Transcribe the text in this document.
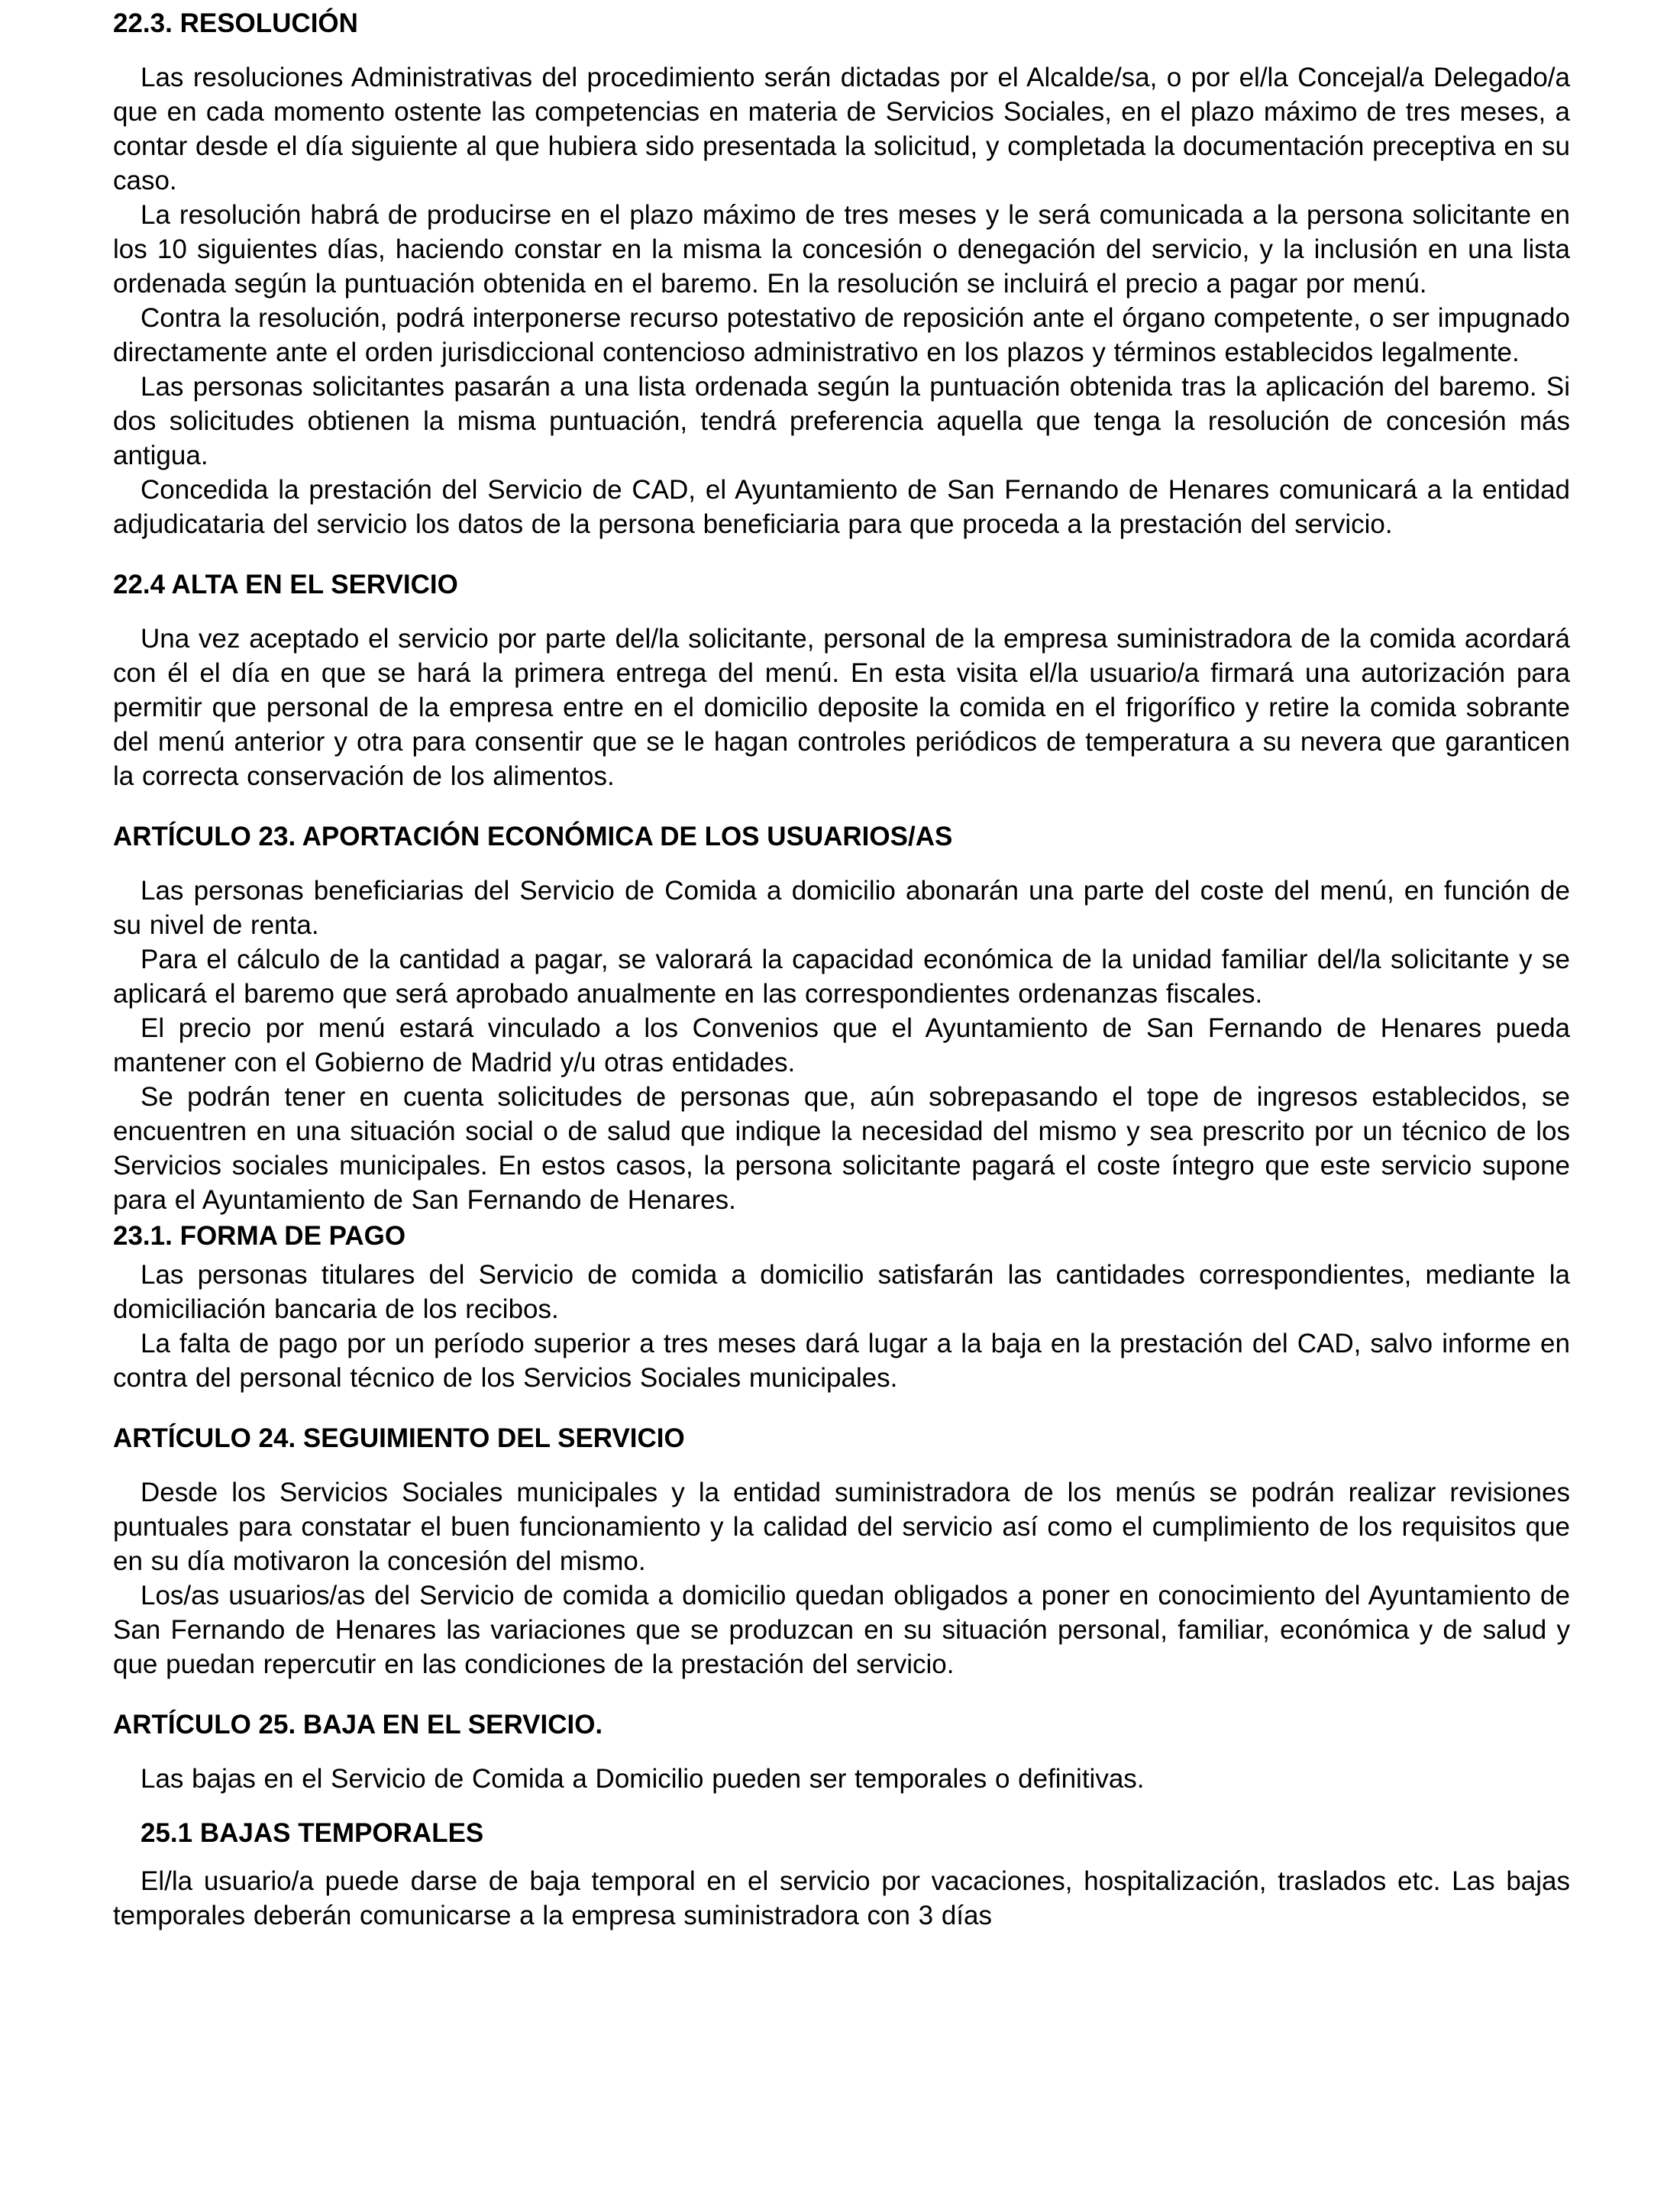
22.3. RESOLUCIÓN

Las resoluciones Administrativas del procedimiento serán dictadas por el Alcalde/sa, o por el/la Concejal/a Delegado/a que en cada momento ostente las competencias en materia de Servicios Sociales, en el plazo máximo de tres meses, a contar desde el día siguiente al que hubiera sido presentada la solicitud, y completada la documentación preceptiva en su caso.

La resolución habrá de producirse en el plazo máximo de tres meses y le será comunicada a la persona solicitante en los 10 siguientes días, haciendo constar en la misma la concesión o denegación del servicio, y la inclusión en una lista ordenada según la puntuación obtenida en el baremo. En la resolución se incluirá el precio a pagar por menú.

Contra la resolución, podrá interponerse recurso potestativo de reposición ante el órgano competente, o ser impugnado directamente ante el orden jurisdiccional contencioso administrativo en los plazos y términos establecidos legalmente.

Las personas solicitantes pasarán a una lista ordenada según la puntuación obtenida tras la aplicación del baremo. Si dos solicitudes obtienen la misma puntuación, tendrá preferencia aquella que tenga la resolución de concesión más antigua.

Concedida la prestación del Servicio de CAD, el Ayuntamiento de San Fernando de Henares comunicará a la entidad adjudicataria del servicio los datos de la persona beneficiaria para que proceda a la prestación del servicio.

22.4 ALTA EN EL SERVICIO

Una vez aceptado el servicio por parte del/la solicitante, personal de la empresa suministradora de la comida acordará con él el día en que se hará la primera entrega del menú. En esta visita el/la usuario/a firmará una autorización para permitir que personal de la empresa entre en el domicilio deposite la comida en el frigorífico y retire la comida sobrante del menú anterior y otra para consentir que se le hagan controles periódicos de temperatura a su nevera que garanticen la correcta conservación de los alimentos.

ARTÍCULO 23. APORTACIÓN ECONÓMICA DE LOS USUARIOS/AS

Las personas beneficiarias del Servicio de Comida a domicilio abonarán una parte del coste del menú, en función de su nivel de renta.

Para el cálculo de la cantidad a pagar, se valorará la capacidad económica de la unidad familiar del/la solicitante y se aplicará el baremo que será aprobado anualmente en las correspondientes ordenanzas fiscales.

El precio por menú estará vinculado a los Convenios que el Ayuntamiento de San Fernando de Henares pueda mantener con el Gobierno de Madrid y/u otras entidades.

Se podrán tener en cuenta solicitudes de personas que, aún sobrepasando el tope de ingresos establecidos, se encuentren en una situación social o de salud que indique la necesidad del mismo y sea prescrito por un técnico de los Servicios sociales municipales. En estos casos, la persona solicitante pagará el coste íntegro que este servicio supone para el Ayuntamiento de San Fernando de Henares.

23.1. FORMA DE PAGO

Las personas titulares del Servicio de comida a domicilio satisfarán las cantidades correspondientes, mediante la domiciliación bancaria de los recibos.

La falta de pago por un período superior a tres meses dará lugar a la baja en la prestación del CAD, salvo informe en contra del personal técnico de los Servicios Sociales municipales.

ARTÍCULO 24. SEGUIMIENTO DEL SERVICIO

Desde los Servicios Sociales municipales y la entidad suministradora de los menús se podrán realizar revisiones puntuales para constatar el buen funcionamiento y la calidad del servicio así como el cumplimiento de los requisitos que en su día motivaron la concesión del mismo.

Los/as usuarios/as del Servicio de comida a domicilio quedan obligados a poner en conocimiento del Ayuntamiento de San Fernando de Henares las variaciones que se produzcan en su situación personal, familiar, económica y de salud y que puedan repercutir en las condiciones de la prestación del servicio.

ARTÍCULO 25. BAJA EN EL SERVICIO.

Las bajas en el Servicio de Comida a Domicilio pueden ser temporales o definitivas.

25.1 BAJAS TEMPORALES

El/la usuario/a puede darse de baja temporal en el servicio por vacaciones, hospitalización, traslados etc. Las bajas temporales deberán comunicarse a la empresa suministradora con 3 días
